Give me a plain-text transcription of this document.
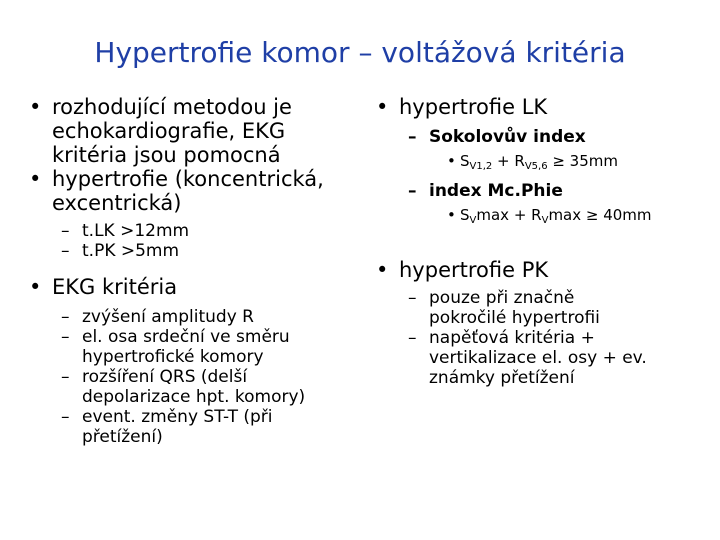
Hypertrofie komor – voltážová kritéria
• rozhodující metodou je
echokardiografie, EKG
kritéria jsou pomocná
• hypertrofie (koncentrická,
excentrická)
– t.LK >12mm
– t.PK >5mm
• EKG kritéria
– zvýšení amplitudy R
– el. osa srdeční ve směru
hypertrofické komory
– rozšíření QRS (delší
depolarizace hpt. komory)
– event. změny ST-T (při
přetížení)
• hypertrofie LK
– Sokolovův index
• $S_{V1,2} + R_{V5,6} \ge 35mm$
– index Mc.Phie
• $S_V\max + R_V\max \ge 40mm$
• hypertrofie PK
– pouze při značně
pokročilé hypertrofii
– napěťová kritéria +
vertikalizace el. osy + ev.
známky přetížení
